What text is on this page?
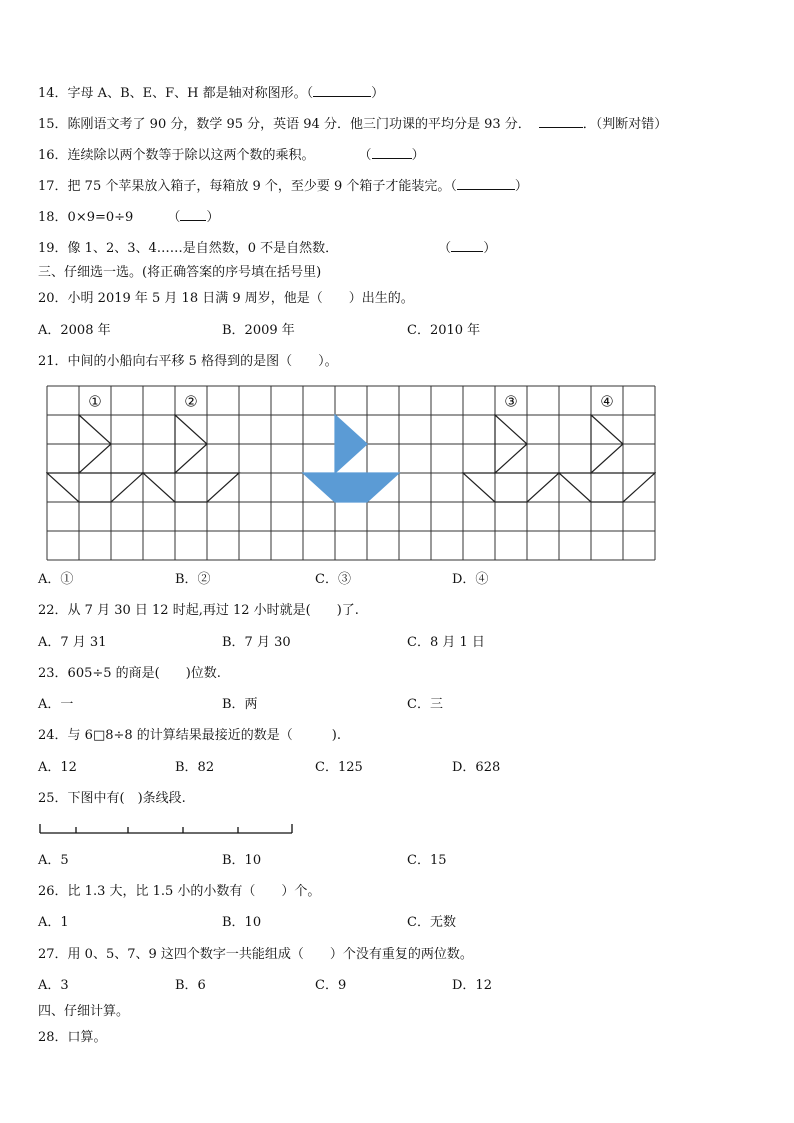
14．字母 A、B、E、F、H 都是轴对称图形。（	）
15．陈刚语文考了 90 分，数学 95 分，英语 94 分．他三门功课的平均分是 93 分．	．（判断对错）
16．连续除以两个数等于除以这两个数的乘积。	（	）
17．把 75 个苹果放入箱子，每箱放 9 个，至少要 9 个箱子才能装完。（	）
18．0×9=0÷9	（ ）
19．像 1、2、3、4……是自然数，0 不是自然数．	（ ）
三、仔细选一选。(将正确答案的序号填在括号里)
20．小明 2019 年 5 月 18 日满 9 周岁，他是（　　）出生的。
A．2008 年	B．2009 年	C．2010 年
21．中间的小船向右平移 5 格得到的是图（　　）。
①	②	③	④
A．①	B．②	C．③	D．④
22．从 7 月 30 日 12 时起,再过 12 小时就是(　　)了.
A．7 月 31	B．7 月 30	C．8 月 1 日
23．605÷5 的商是(　　)位数.
A．一	B．两	C．三
24．与 6□8÷8 的计算结果最接近的数是（　　　).
A．12	B．82	C．125	D．628
25．下图中有(　)条线段.
A．5	B．10	C．15
26．比 1.3 大，比 1.5 小的小数有（　　）个。
A．1	B．10	C．无数
27．用 0、5、7、9 这四个数字一共能组成（　　）个没有重复的两位数。
A．3	B．6	C．9	D．12
四、仔细计算。
28．口算。
